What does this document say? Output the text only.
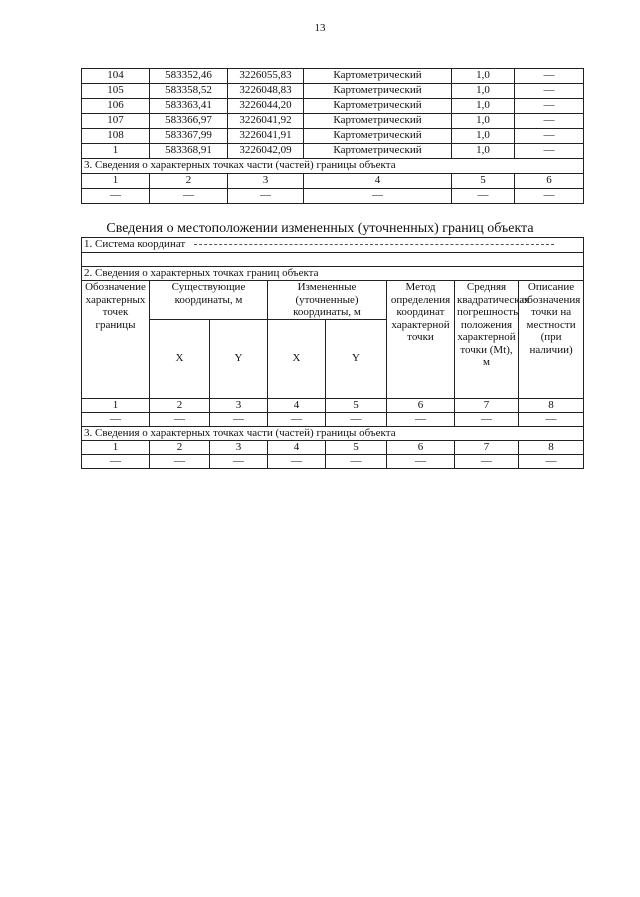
13
104	583352,46	3226055,83	Картометрический	1,0	—
105	583358,52	3226048,83	Картометрический	1,0	—
106	583363,41	3226044,20	Картометрический	1,0	—
107	583366,97	3226041,92	Картометрический	1,0	—
108	583367,99	3226041,91	Картометрический	1,0	—
1	583368,91	3226042,09	Картометрический	1,0	—
3. Сведения о характерных точках части (частей) границы объекта					
1	2	3	4	5	6
—	—	—	—	—	—
Сведения о местоположении измененных (уточненных) границ объекта
1. Система координат							

2. Сведения о характерных точках границ объекта							
Обозначение характерных точек границы	Существующие координаты, м		Измененные (уточненные) координаты, м		Метод определения координат характерной точки	Средняя квадратическая погрешность положения характерной точки (Mt), м	Описание обозначения точки на местности (при наличии)
	X	Y	X	Y			
1	2	3	4	5	6	7	8
—	—	—	—	—	—	—	—
3. Сведения о характерных точках части (частей) границы объекта							
1	2	3	4	5	6	7	8
—	—	—	—	—	—	—	—
